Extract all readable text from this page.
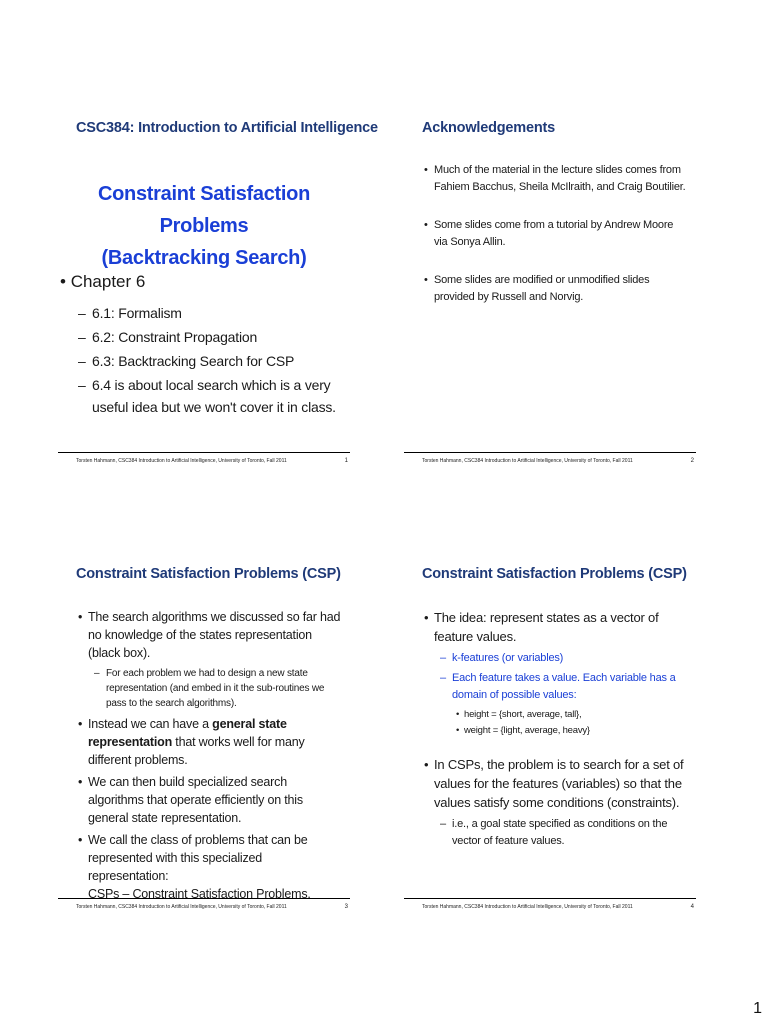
CSC384: Introduction to Artificial Intelligence
Constraint Satisfaction Problems
(Backtracking Search)
• Chapter 6
– 6.1: Formalism
– 6.2: Constraint Propagation
– 6.3: Backtracking Search for CSP
– 6.4 is about local search which is a very useful idea but we won't cover it in class.
Torsten Hahmann, CSC384 Introduction to Artificial Intelligence, University of Toronto, Fall 2011	1
Acknowledgements
• Much of the material in the lecture slides comes from Fahiem Bacchus, Sheila McIlraith, and Craig Boutilier.
• Some slides come from a tutorial by Andrew Moore via Sonya Allin.
• Some slides are modified or unmodified slides provided by Russell and Norvig.
Torsten Hahmann, CSC384 Introduction to Artificial Intelligence, University of Toronto, Fall 2011	2
Constraint Satisfaction Problems (CSP)
• The search algorithms we discussed so far had no knowledge of the states representation (black box).
– For each problem we had to design a new state representation (and embed in it the sub-routines we pass to the search algorithms).
• Instead we can have a general state representation that works well for many different problems.
• We can then build specialized search algorithms that operate efficiently on this general state representation.
• We call the class of problems that can be represented with this specialized representation:
CSPs – Constraint Satisfaction Problems.
Torsten Hahmann, CSC384 Introduction to Artificial Intelligence, University of Toronto, Fall 2011	3
Constraint Satisfaction Problems (CSP)
• The idea: represent states as a vector of feature values.
– k-features (or variables)
– Each feature takes a value. Each variable has a domain of possible values:
• height = {short, average, tall},
• weight = {light, average, heavy}
• In CSPs, the problem is to search for a set of values for the features (variables) so that the values satisfy some conditions (constraints).
– i.e., a goal state specified as conditions on the vector of feature values.
Torsten Hahmann, CSC384 Introduction to Artificial Intelligence, University of Toronto, Fall 2011	4
1
